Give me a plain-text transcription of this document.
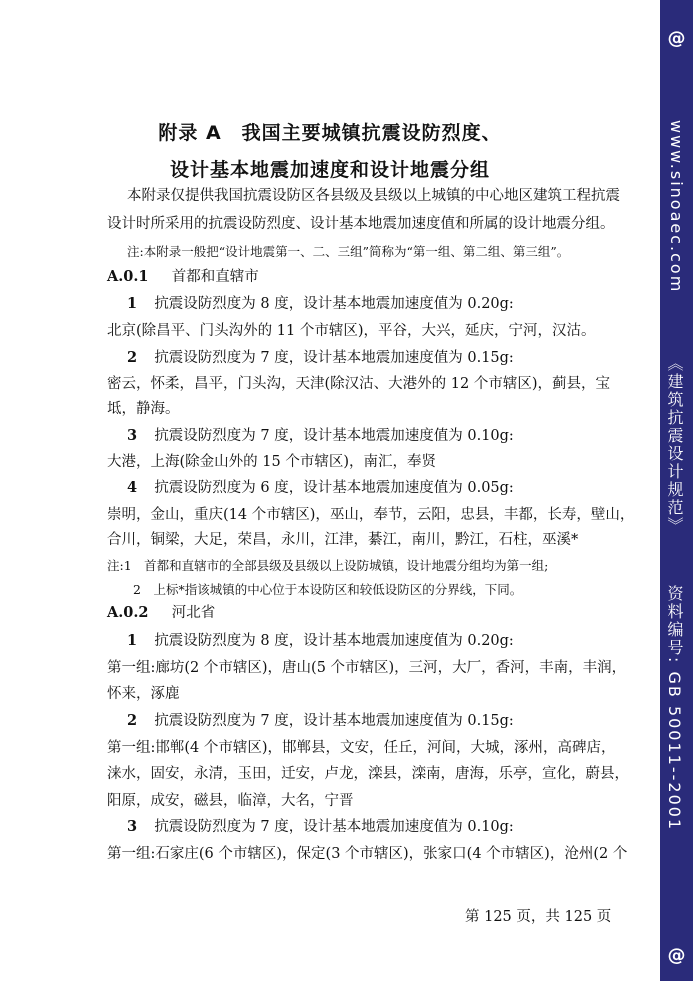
附录 A　我国主要城镇抗震设防烈度、
设计基本地震加速度和设计地震分组
本附录仅提供我国抗震设防区各县级及县级以上城镇的中心地区建筑工程抗震
设计时所采用的抗震设防烈度、设计基本地震加速度值和所属的设计地震分组。
注:本附录一般把“设计地震第一、二、三组”简称为“第一组、第二组、第三组”。
A.0.1 首都和直辖市
1 抗震设防烈度为 8 度，设计基本地震加速度值为 0.20g:
北京(除昌平、门头沟外的 11 个市辖区)，平谷，大兴，延庆，宁河，汉沽。
2 抗震设防烈度为 7 度，设计基本地震加速度值为 0.15g:
密云，怀柔，昌平，门头沟，天津(除汉沽、大港外的 12 个市辖区)，蓟县，宝
坻，静海。
3 抗震设防烈度为 7 度，设计基本地震加速度值为 0.10g:
大港，上海(除金山外的 15 个市辖区)，南汇，奉贤
4 抗震设防烈度为 6 度，设计基本地震加速度值为 0.05g:
崇明，金山，重庆(14 个市辖区)，巫山，奉节，云阳，忠县，丰都，长寿，壁山，
合川，铜梁，大足，荣昌，永川，江津，綦江，南川，黔江，石柱，巫溪*
注:1　首都和直辖市的全部县级及县级以上设防城镇，设计地震分组均为第一组;
2　上标*指该城镇的中心位于本设防区和较低设防区的分界线，下同。
A.0.2 河北省
1 抗震设防烈度为 8 度，设计基本地震加速度值为 0.20g:
第一组:廊坊(2 个市辖区)，唐山(5 个市辖区)，三河，大厂，香河，丰南，丰润，
怀来，涿鹿
2 抗震设防烈度为 7 度，设计基本地震加速度值为 0.15g:
第一组:邯郸(4 个市辖区)，邯郸县，文安，任丘，河间，大城，涿州，高碑店，
涞水，固安，永清，玉田，迁安，卢龙，滦县，滦南，唐海，乐亭，宣化，蔚县，
阳原，成安，磁县，临漳，大名，宁晋
3 抗震设防烈度为 7 度，设计基本地震加速度值为 0.10g:
第一组:石家庄(6 个市辖区)，保定(3 个市辖区)，张家口(4 个市辖区)，沧州(2 个
第 125 页，共 125 页
@
www.sinoaec.com
《建筑抗震设计规范》
资料编号: GB 50011--2001
@
